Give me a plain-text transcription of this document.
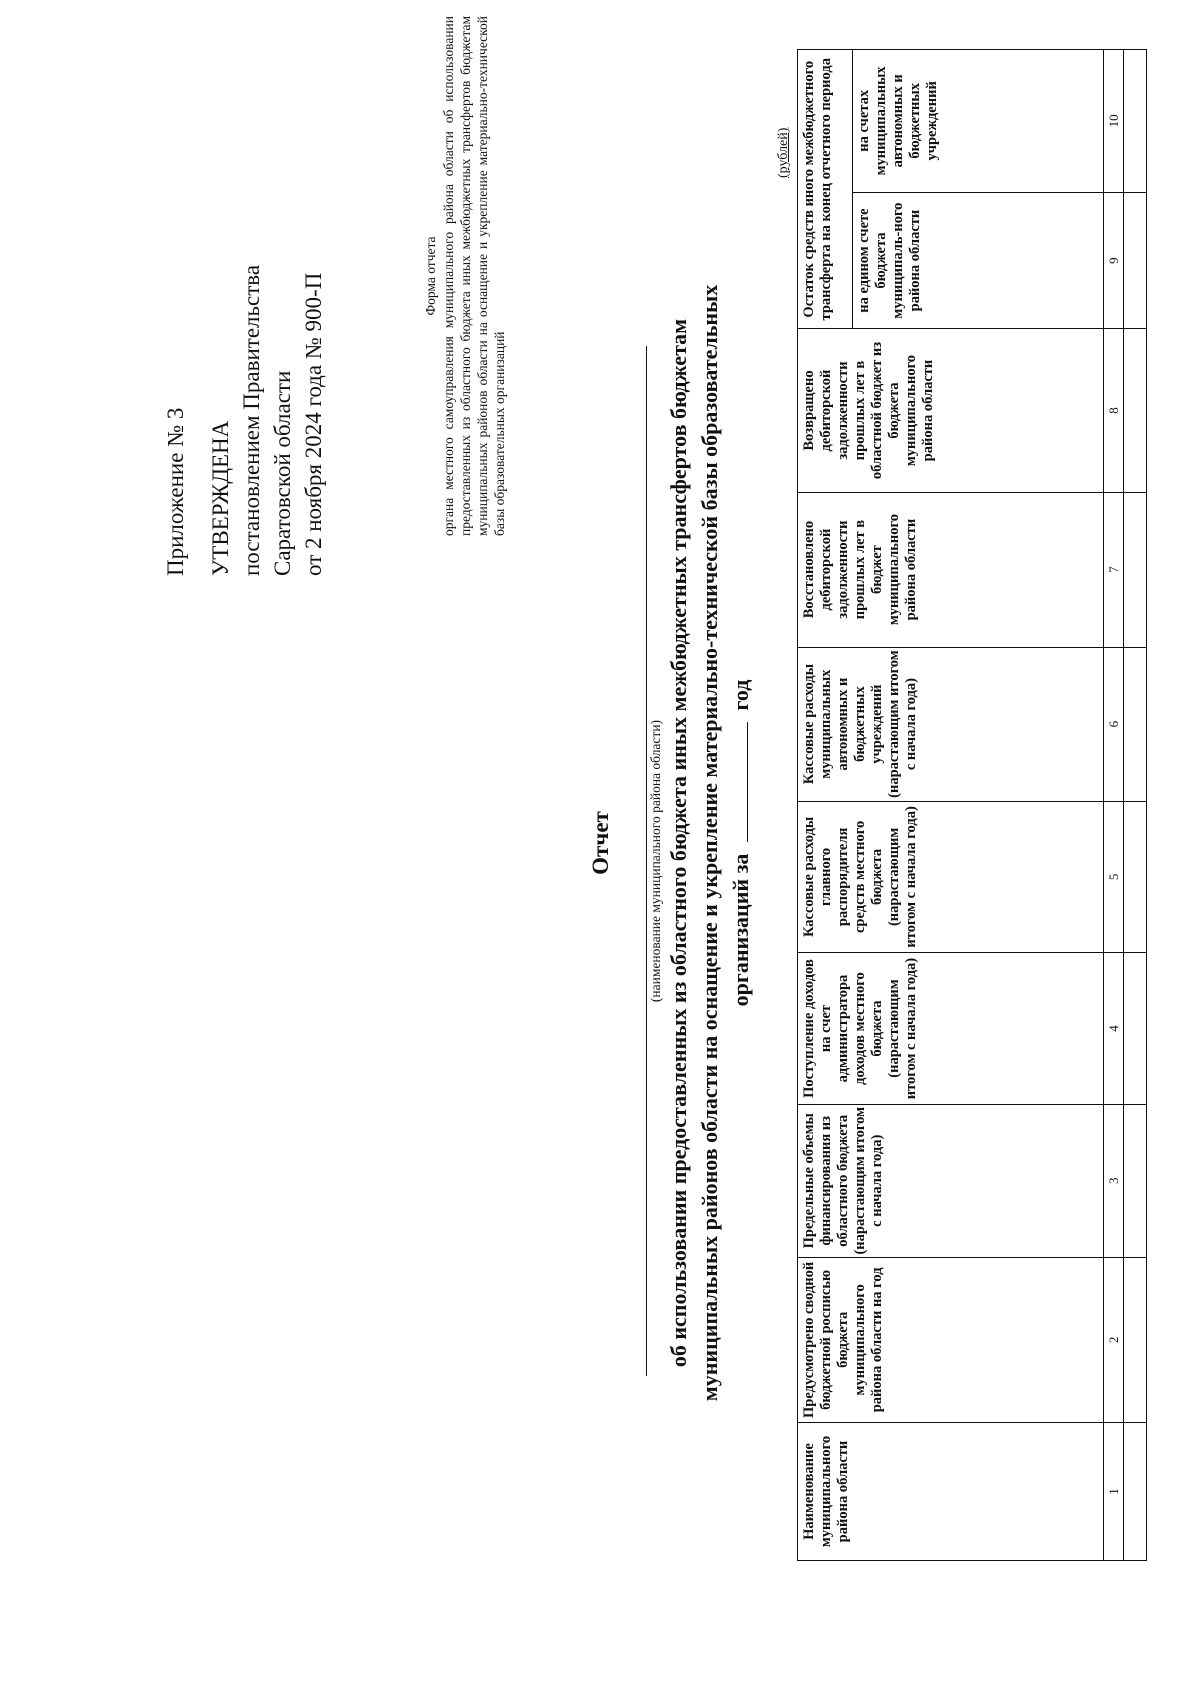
Приложение № 3 УТВЕРЖДЕНА постановлением Правительства Саратовской области от 2 ноября 2024 года № 900-П	Форма отчета органа местного самоуправления муниципального района области об использовании предоставленных из областного бюджета иных межбюджетных трансфертов бюджетам муниципальных районов области на оснащение и укрепление материально-технической базы образовательных организаций
Отчет	(наименование муниципального района области) об использовании предоставленных из областного бюджета иных межбюджетных трансфертов бюджетам муниципальных районов области на оснащение и укрепление материально-технической базы образовательных организаций за  год
(рублей)
Наименование муниципального района области	Предусмотрено сводной бюджетной росписью бюджета муниципального района области на год	Предельные объемы финансирования из областного бюджета (нарастающим итогом с начала года)	Поступление доходов на счет администратора доходов местного бюджета (нарастающим итогом с начала года)	Кассовые расходы главного распорядителя средств местного бюджета (нарастающим итогом с начала года)	Кассовые расходы муниципальных автономных и бюджетных учреждений (нарастающим итогом с начала года)	Восстановлено дебиторской задолженности прошлых лет в бюджет муниципального района области	Возвращено дебиторской задолженности прошлых лет в областной бюджет из бюджета муниципального района области	Остаток средств иного межбюджетного трансферта на конец отчетного периода	
								на едином счете бюджета муниципаль-ного района области	на счетах муниципальных автономных и бюджетных учреждений
1	2	3	4	5	6	7	8	9	10
